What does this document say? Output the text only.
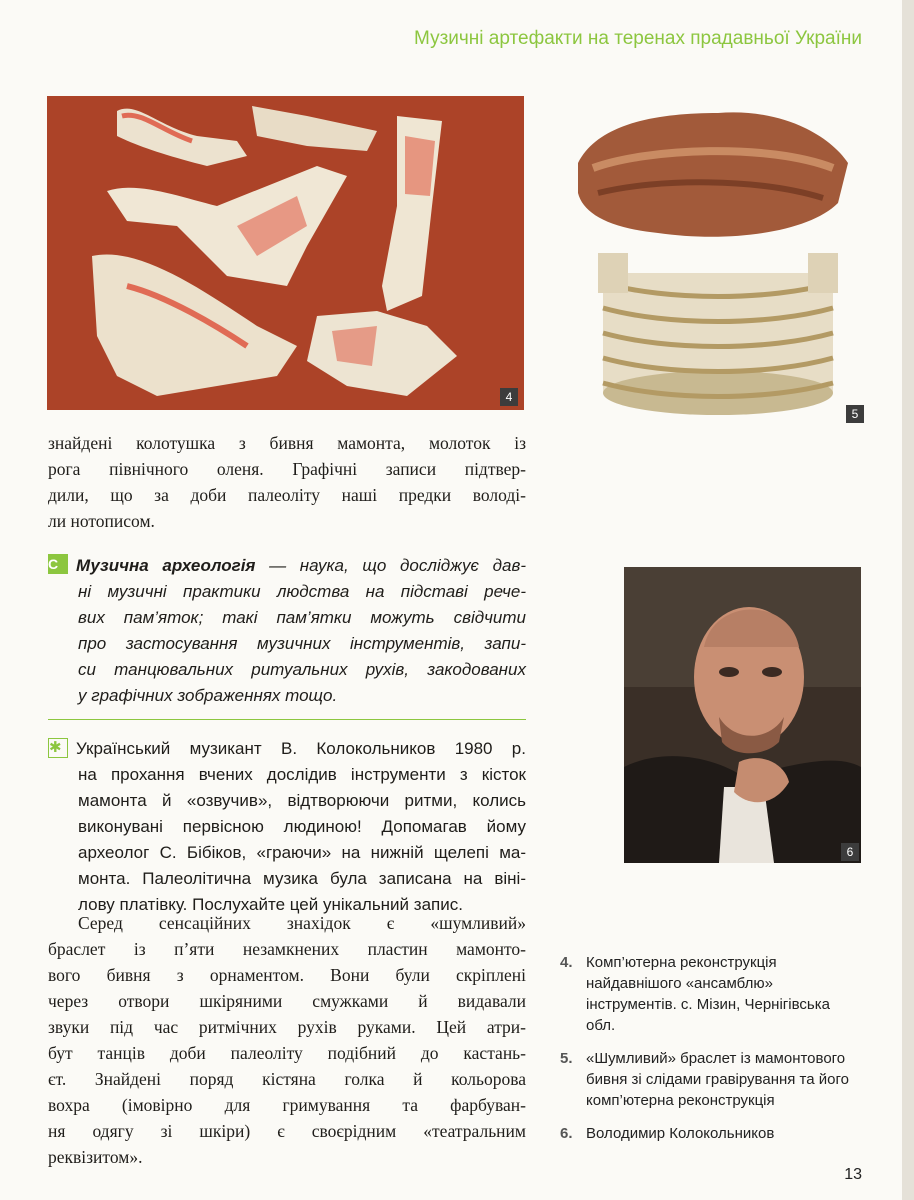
Музичні артефакти на теренах прадавньої України
4
5
6

знайдені колотушка з бивня мамонта, молоток із
рога північного оленя. Графічні записи підтвер-
дили, що за доби палеоліту наші предки володі-
ли нотописом.

С Музична археологія — наука, що досліджує дав-
ні музичні практики людства на підставі рече-
вих пам’яток; такі пам’ятки можуть свідчити
про застосування музичних інструментів, запи-
си танцювальних ритуальних рухів, закодованих
у графічних зображеннях тощо.
✱ Український музикант В. Колокольников 1980 р.
на прохання вчених дослідив інструменти з кісток
мамонта й «озвучив», відтворюючи ритми, колись
виконувані первісною людиною! Допомагав йому
археолог С. Бібіков, «граючи» на нижній щелепі ма-
монта. Палеолітична музика була записана на віні-
лову платівку. Послухайте цей унікальний запис.

Серед сенсаційних знахідок є «шумливий»
браслет із п’яти незамкнених пластин мамонто-
вого бивня з орнаментом. Вони були скріплені
через отвори шкіряними смужками й видавали
звуки під час ритмічних рухів руками. Цей атри-
бут танців доби палеоліту подібний до кастань-
єт. Знайдені поряд кістяна голка й кольорова
вохра (імовірно для гримування та фарбуван-
ня одягу зі шкіри) є своєрідним «театральним
реквізитом».

4. Комп’ютерна реконструкція найдавнішого «ансамблю» інструментів. с. Мізин, Чернігівська обл.
5. «Шумливий» браслет із мамонтового бивня зі слідами гравірування та його комп’ютерна реконструкція
6. Володимир Колокольников
13
